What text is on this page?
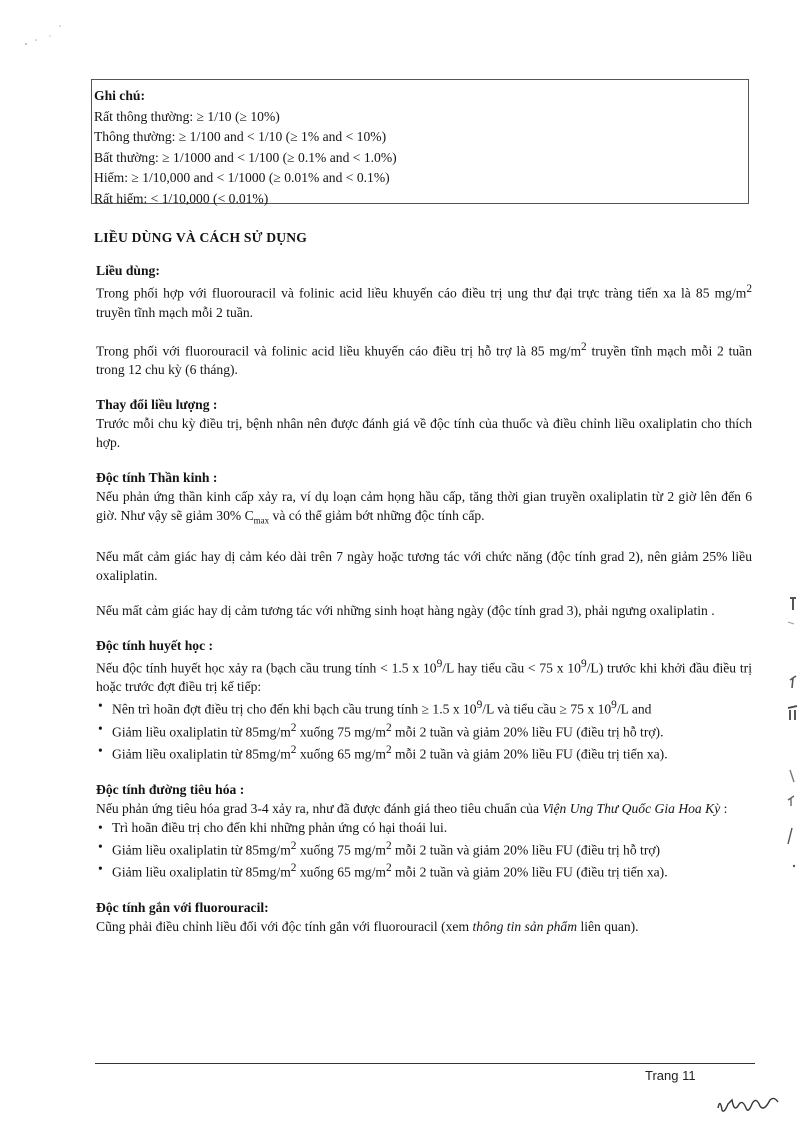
Ghi chú:
Rất thông thường: ≥ 1/10 (≥ 10%)
Thông thường: ≥ 1/100 and < 1/10 (≥ 1% and < 10%)
Bất thường: ≥ 1/1000 and < 1/100 (≥ 0.1% and < 1.0%)
Hiếm: ≥ 1/10,000 and < 1/1000 (≥ 0.01% and < 0.1%)
Rất hiếm: < 1/10,000 (< 0.01%)
LIỀU DÙNG VÀ CÁCH SỬ DỤNG
Liều dùng:

Trong phối hợp với fluorouracil và folinic acid liều khuyến cáo điều trị ung thư đại trực tràng tiến xa là 85 $mg/m^2$ truyền tĩnh mạch mỗi 2 tuần.

Trong phối với fluorouracil và folinic acid liều khuyến cáo điều trị hỗ trợ là 85 $mg/m^2$ truyền tĩnh mạch mỗi 2 tuần trong 12 chu kỳ (6 tháng).

Thay đổi liều lượng :

Trước mỗi chu kỳ điều trị, bệnh nhân nên được đánh giá về độc tính của thuốc và điều chỉnh liều oxaliplatin cho thích hợp.

Độc tính Thần kinh :

Nếu phản ứng thần kinh cấp xảy ra, ví dụ loạn cảm họng hầu cấp, tăng thời gian truyền oxaliplatin từ 2 giờ lên đến 6 giờ. Như vậy sẽ giảm 30% $C_{max}$ và có thể giảm bớt những độc tính cấp.

Nếu mất cảm giác hay dị cảm kéo dài trên 7 ngày hoặc tương tác với chức năng (độc tính grad 2), nên giảm 25% liều oxaliplatin.

Nếu mất cảm giác hay dị cảm tương tác với những sinh hoạt hàng ngày (độc tính grad 3), phải ngưng oxaliplatin .

Độc tính huyết học :

Nếu độc tính huyết học xảy ra (bạch cầu trung tính < 1.5 x $10^9/L$ hay tiểu cầu < 75 x $10^9/L$) trước khi khởi đầu điều trị hoặc trước đợt điều trị kế tiếp:

• Nên trì hoãn đợt điều trị cho đến khi bạch cầu trung tính ≥ 1.5 x $10^9/L$ và tiểu cầu ≥ 75 x $10^9/L$ and
• Giảm liều oxaliplatin từ $85mg/m^2$ xuống 75 $mg/m^2$ mỗi 2 tuần và giảm 20% liều FU (điều trị hỗ trợ).
• Giảm liều oxaliplatin từ $85mg/m^2$ xuống 65 $mg/m^2$ mỗi 2 tuần và giảm 20% liều FU (điều trị tiến xa).
Độc tính đường tiêu hóa :

Nếu phản ứng tiêu hóa grad 3-4 xảy ra, như đã được đánh giá theo tiêu chuẩn của Viện Ung Thư Quốc Gia Hoa Kỳ :

• Trì hoãn điều trị cho đến khi những phản ứng có hại thoái lui.
• Giảm liều oxaliplatin từ $85mg/m^2$ xuống 75 $mg/m^2$ mỗi 2 tuần và giảm 20% liều FU (điều trị hỗ trợ)
• Giảm liều oxaliplatin từ $85mg/m^2$ xuống 65 $mg/m^2$ mỗi 2 tuần và giảm 20% liều FU (điều trị tiến xa).
Độc tính gắn với fluorouracil:

Cũng phải điều chỉnh liều đối với độc tính gắn với fluorouracil (xem thông tin sản phẩm liên quan).

Trang 11
